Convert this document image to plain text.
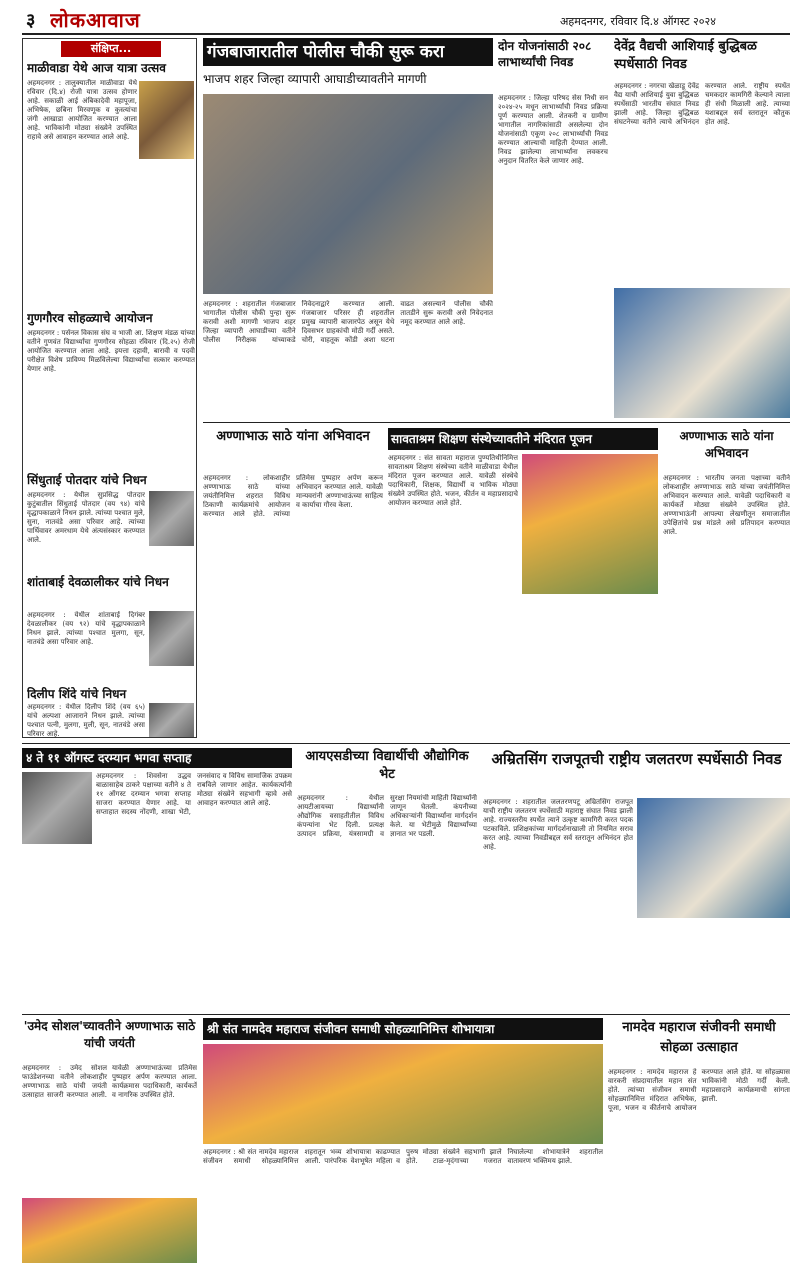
३ लोकआवाज	अहमदनगर, रविवार दि.४ ऑगस्ट २०२४
संक्षिप्त...
माळीवाडा येथे आज यात्रा उत्सव
अहमदनगर : तालुक्यातील माळीवाडा येथे रविवार (दि.४) रोजी यात्रा उत्सव होणार आहे. सकाळी आई अंबिकादेवी महापूजा, अभिषेक, छबिना मिरवणूक व कुस्त्यांचा जंगी आखाडा आयोजित करण्यात आला आहे. भाविकांनी मोठ्या संख्येने उपस्थित राहावे असे आवाहन करण्यात आले आहे.
गुणगौरव सोहळ्याचे आयोजन
अहमदनगर : पर्सनल विकास संघ व भाजी आ. शिक्षण मंडळ यांच्या वतीने गुणवंत विद्यार्थ्यांचा गुणगौरव सोहळा रविवार (दि.२५) रोजी आयोजित करण्यात आला आहे. इयत्ता दहावी, बारावी व पदवी परीक्षेत विशेष प्राविण्य मिळविलेल्या विद्यार्थ्यांचा सत्कार करण्यात येणार आहे.
सिंधुताई पोतदार यांचे निधन
अहमदनगर : येथील सुप्रसिद्ध पोतदार कुटुंबातील सिंधुताई पोतदार (वय ९४) यांचे वृद्धापकाळाने निधन झाले. त्यांच्या पश्चात मुले, सुना, नातवंडे असा परिवार आहे. त्यांच्या पार्थिवावर अमरधाम येथे अंत्यसंस्कार करण्यात आले.
शांताबाई देवळालीकर यांचे निधन
अहमदनगर : येथील शांताबाई दिगंबर देवळालीकर (वय ९२) यांचे वृद्धापकाळाने निधन झाले. त्यांच्या पश्चात मुलगा, सून, नातवंडे असा परिवार आहे.
दिलीप शिंदे यांचे निधन
अहमदनगर : येथील दिलीप शिंदे (वय ६५) यांचे अल्पशा आजाराने निधन झाले. त्यांच्या पश्चात पत्नी, मुलगा, मुली, सून, नातवंडे असा परिवार आहे.
गंजबाजारातील पोलीस चौकी सुरू करा
भाजप शहर जिल्हा व्यापारी आघाडीच्यावतीने मागणी
अहमदनगर : शहरातील गंजबाजार भागातील पोलीस चौकी पुन्हा सुरू करावी अशी मागणी भाजप शहर जिल्हा व्यापारी आघाडीच्या वतीने पोलीस निरीक्षक यांच्याकडे निवेदनाद्वारे करण्यात आली. गंजबाजार परिसर ही शहरातील प्रमुख व्यापारी बाजारपेठ असून येथे दिवसभर ग्राहकांची मोठी गर्दी असते. चोरी, वाहतूक कोंडी अशा घटना वाढत असल्याने पोलीस चौकी तातडीने सुरू करावी असे निवेदनात नमूद करण्यात आले आहे.
दोन योजनांसाठी २०८ लाभार्थ्यांची निवड
अहमदनगर : जिल्हा परिषद सेस निधी सन २०२४-२५ मधून लाभार्थ्यांची निवड प्रक्रिया पूर्ण करण्यात आली. शेतकरी व ग्रामीण भागातील नागरिकांसाठी असलेल्या दोन योजनांसाठी एकूण २०८ लाभार्थ्यांची निवड करण्यात आल्याची माहिती देण्यात आली. निवड झालेल्या लाभार्थ्यांना लवकरच अनुदान वितरित केले जाणार आहे.
देवेंद्र वैद्यची आशियाई बुद्धिबळ स्पर्धेसाठी निवड
अहमदनगर : नगरचा खेळाडू देवेंद्र वैद्य याची आशियाई युवा बुद्धिबळ स्पर्धेसाठी भारतीय संघात निवड झाली आहे. जिल्हा बुद्धिबळ संघटनेच्या वतीने त्याचे अभिनंदन करण्यात आले. राष्ट्रीय स्पर्धेत चमकदार कामगिरी केल्याने त्याला ही संधी मिळाली आहे. त्याच्या यशाबद्दल सर्व स्तरातून कौतुक होत आहे.
अण्णाभाऊ साठे यांना अभिवादन
अहमदनगर : लोकशाहीर अण्णाभाऊ साठे यांच्या जयंतीनिमित्त शहरात विविध ठिकाणी कार्यक्रमांचे आयोजन करण्यात आले होते. त्यांच्या प्रतिमेस पुष्पहार अर्पण करून अभिवादन करण्यात आले. यावेळी मान्यवरांनी अण्णाभाऊंच्या साहित्य व कार्याचा गौरव केला.
सावताश्रम शिक्षण संस्थेच्यावतीने मंदिरात पूजन
अहमदनगर : संत सावता महाराज पुण्यतिथीनिमित्त सावताश्रम शिक्षण संस्थेच्या वतीने माळीवाडा येथील मंदिरात पूजन करण्यात आले. यावेळी संस्थेचे पदाधिकारी, शिक्षक, विद्यार्थी व भाविक मोठ्या संख्येने उपस्थित होते. भजन, कीर्तन व महाप्रसादाचे आयोजन करण्यात आले होते.
अण्णाभाऊ साठे यांना अभिवादन
अहमदनगर : भारतीय जनता पक्षाच्या वतीने लोकशाहीर अण्णाभाऊ साठे यांच्या जयंतीनिमित्त अभिवादन करण्यात आले. यावेळी पदाधिकारी व कार्यकर्ते मोठ्या संख्येने उपस्थित होते. अण्णाभाऊंनी आपल्या लेखणीतून समाजातील उपेक्षितांचे प्रश्न मांडले असे प्रतिपादन करण्यात आले.
४ ते ११ ऑगस्ट दरम्यान भगवा सप्ताह
अहमदनगर : शिवसेना उद्धव बाळासाहेब ठाकरे पक्षाच्या वतीने ४ ते ११ ऑगस्ट दरम्यान भगवा सप्ताह साजरा करण्यात येणार आहे. या सप्ताहात सदस्य नोंदणी, शाखा भेटी, जनसंवाद व विविध सामाजिक उपक्रम राबविले जाणार आहेत. कार्यकर्त्यांनी मोठ्या संख्येने सहभागी व्हावे असे आवाहन करण्यात आले आहे.
आयएसडीच्या विद्यार्थीची औद्योगिक भेट
अहमदनगर : येथील आयटीआयच्या विद्यार्थ्यांनी औद्योगिक वसाहतीतील विविध कंपन्यांना भेट दिली. प्रत्यक्ष उत्पादन प्रक्रिया, यंत्रसामग्री व सुरक्षा नियमांची माहिती विद्यार्थ्यांनी जाणून घेतली. कंपनीच्या अधिकाऱ्यांनी विद्यार्थ्यांना मार्गदर्शन केले. या भेटीमुळे विद्यार्थ्यांच्या ज्ञानात भर पडली.
अम्रितसिंग राजपूतची राष्ट्रीय जलतरण स्पर्धेसाठी निवड
अहमदनगर : शहरातील जलतरणपटू अम्रितसिंग राजपूत याची राष्ट्रीय जलतरण स्पर्धेसाठी महाराष्ट्र संघात निवड झाली आहे. राज्यस्तरीय स्पर्धेत त्याने उत्कृष्ट कामगिरी करत पदक पटकाविले. प्रशिक्षकांच्या मार्गदर्शनाखाली तो नियमित सराव करत आहे. त्याच्या निवडीबद्दल सर्व स्तरातून अभिनंदन होत आहे.
'उमेद सोशल'च्यावतीने अण्णाभाऊ साठे यांची जयंती
अहमदनगर : उमेद सोशल फाउंडेशनच्या वतीने लोकशाहीर अण्णाभाऊ साठे यांची जयंती उत्साहात साजरी करण्यात आली. यावेळी अण्णाभाऊंच्या प्रतिमेस पुष्पहार अर्पण करण्यात आला. कार्यक्रमास पदाधिकारी, कार्यकर्ते व नागरिक उपस्थित होते.
श्री संत नामदेव महाराज संजीवन समाधी सोहळ्यानिमित्त शोभायात्रा
अहमदनगर : श्री संत नामदेव महाराज संजीवन समाधी सोहळ्यानिमित्त शहरातून भव्य शोभायात्रा काढण्यात आली. पारंपरिक वेशभूषेत महिला व पुरुष मोठ्या संख्येने सहभागी झाले होते. टाळ-मृदंगाच्या गजरात निघालेल्या शोभायात्रेने शहरातील वातावरण भक्तिमय झाले.
नामदेव महाराज संजीवनी समाधी सोहळा उत्साहात
अहमदनगर : नामदेव महाराज हे वारकरी संप्रदायातील महान संत होते. त्यांच्या संजीवन समाधी सोहळ्यानिमित्त मंदिरात अभिषेक, पूजा, भजन व कीर्तनाचे आयोजन करण्यात आले होते. या सोहळ्यास भाविकांनी मोठी गर्दी केली. महाप्रसादाने कार्यक्रमाची सांगता झाली.
